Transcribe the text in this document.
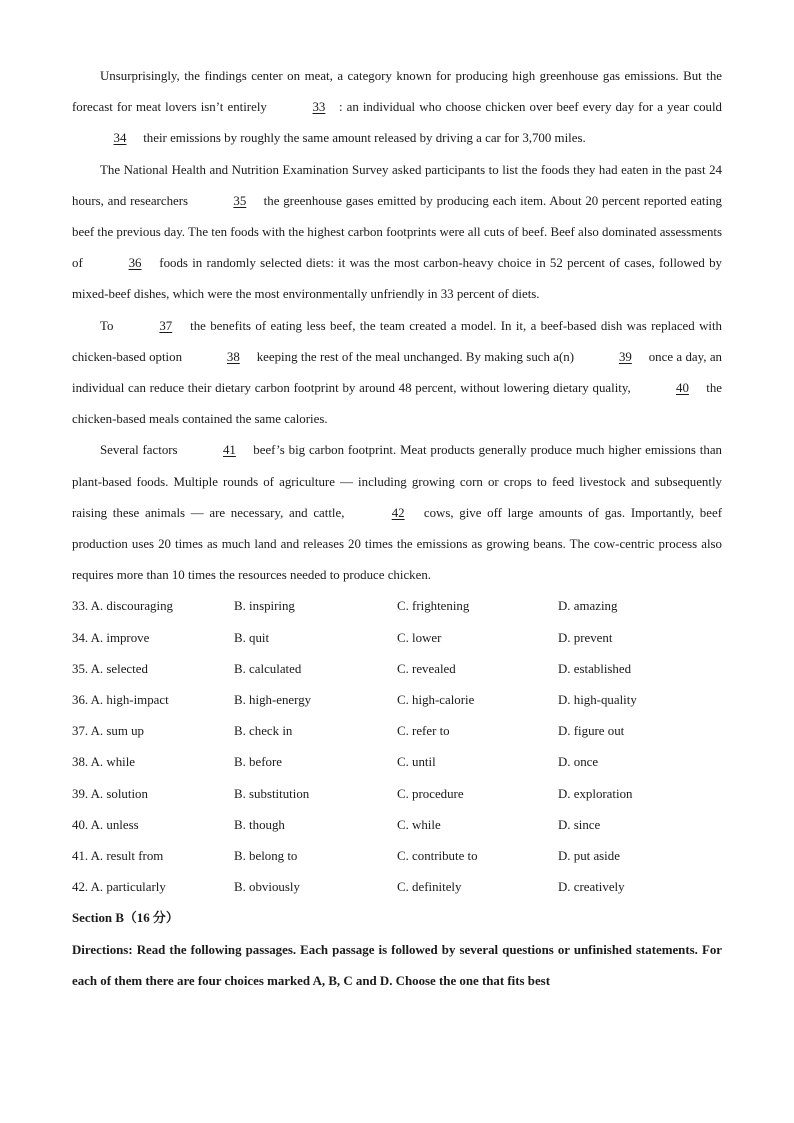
Unsurprisingly, the findings center on meat, a category known for producing high greenhouse gas emissions. But the forecast for meat lovers isn’t entirely	33 : an individual who choose chicken over beef every day for a year could 34 their emissions by roughly the same amount released by driving a car for 3,700 miles.

The National Health and Nutrition Examination Survey asked participants to list the foods they had eaten in the past 24 hours, and researchers	35 the greenhouse gases emitted by producing each item. About 20 percent reported eating beef the previous day. The ten foods with the highest carbon footprints were all cuts of beef. Beef also dominated assessments of	36 foods in randomly selected diets: it was the most carbon-heavy choice in 52 percent of cases, followed by mixed-beef dishes, which were the most environmentally unfriendly in 33 percent of diets.

To	37 the benefits of eating less beef, the team created a model. In it, a beef-based dish was replaced with chicken-based option	38 keeping the rest of the meal unchanged. By making such a(n)	39 once a day, an individual can reduce their dietary carbon footprint by around 48 percent, without lowering dietary quality,	40 the chicken-based meals contained the same calories.

Several factors	41 beef’s big carbon footprint. Meat products generally produce much higher emissions than plant-based foods. Multiple rounds of agriculture — including growing corn or crops to feed livestock and subsequently raising these animals — are necessary, and cattle,	42 cows, give off large amounts of gas. Importantly, beef production uses 20 times as much land and releases 20 times the emissions as growing beans. The cow-centric process also requires more than 10 times the resources needed to produce chicken.

33. A. discouraging	B. inspiring	C. frightening	D. amazing
34. A. improve	B. quit	C. lower	D. prevent
35. A. selected	B. calculated	C. revealed	D. established
36. A. high-impact	B. high-energy	C. high-calorie	D. high-quality
37. A. sum up	B. check in	C. refer to	D. figure out
38. A. while	B. before	C. until	D. once
39. A. solution	B. substitution	C. procedure	D. exploration
40. A. unless	B. though	C. while	D. since
41. A. result from	B. belong to	C. contribute to	D. put aside
42. A. particularly	B. obviously	C. definitely	D. creatively

Section B（16 分）

Directions: Read the following passages. Each passage is followed by several questions or unfinished statements. For each of them there are four choices marked A, B, C and D. Choose the one that fits best
